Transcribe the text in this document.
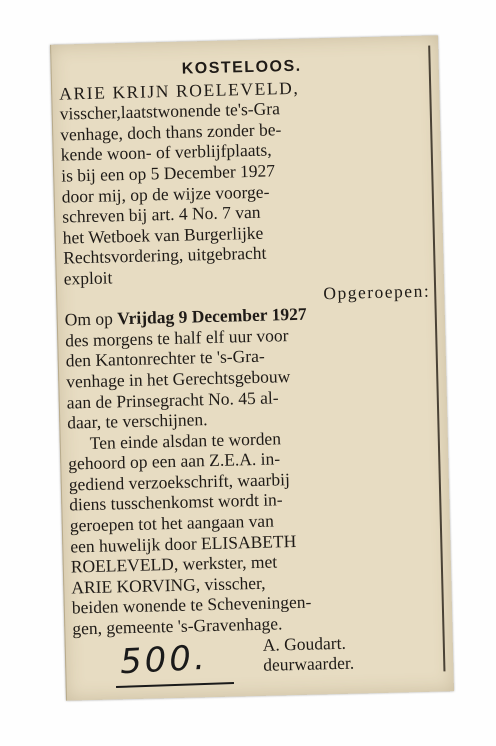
KOSTELOOS.
ARIE KRIJN ROELEVELD,
visscher,laatstwonende te's-Gra
venhage, doch thans zonder be-
kende woon- of verblijfplaats,
is bij een op 5 December 1927
door mij, op de wijze voorge-
schreven bij art. 4 No. 7 van
het Wetboek van Burgerlijke
Rechtsvordering, uitgebracht
exploit
Opgeroepen:
Om op Vrijdag 9 December 1927
des morgens te half elf uur voor
den Kantonrechter te 's-Gra-
venhage in het Gerechtsgebouw
aan de Prinsegracht No. 45 al-
daar, te verschijnen.
Ten einde alsdan te worden
gehoord op een aan Z.E.A. in-
gediend verzoekschrift, waarbij
diens tusschenkomst wordt in-
geroepen tot het aangaan van
een huwelijk door ELISABETH
ROELEVELD, werkster, met
ARIE KORVING, visscher,
beiden wonende te Scheveningen-
gen, gemeente 's-Gravenhage.
A. Goudart.
deurwaarder.
500.
